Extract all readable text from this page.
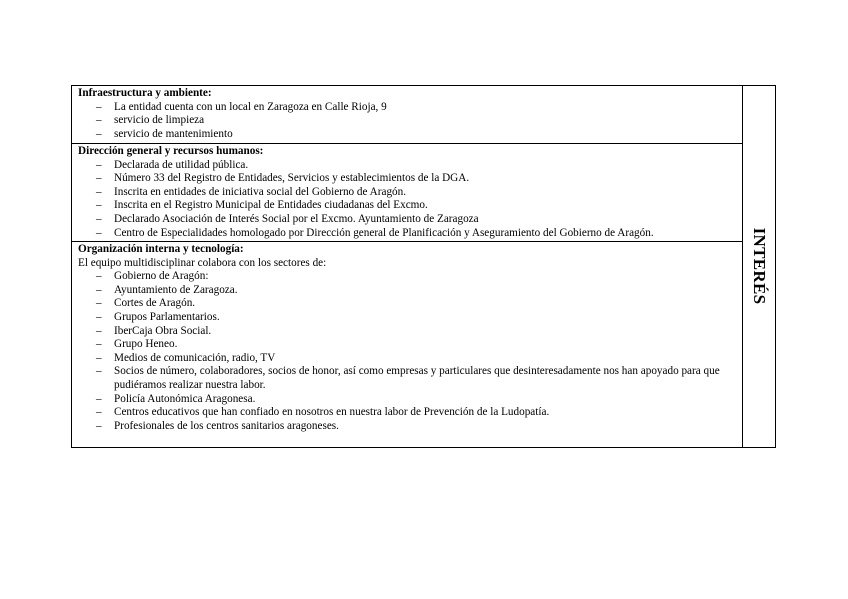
Infraestructura y ambiente:
– La entidad cuenta con un local en Zaragoza en Calle Rioja, 9
– servicio de limpieza
– servicio de mantenimiento
Dirección general y recursos humanos:
– Declarada de utilidad pública.
– Número 33 del Registro de Entidades, Servicios y establecimientos de la DGA.
– Inscrita en entidades de iniciativa social del Gobierno de Aragón.
– Inscrita en el Registro Municipal de Entidades ciudadanas del Excmo.
– Declarado Asociación de Interés Social por el Excmo. Ayuntamiento de Zaragoza
– Centro de Especialidades homologado por Dirección general de Planificación y Aseguramiento del Gobierno de Aragón.
Organización interna y tecnología:
El equipo multidisciplinar colabora con los sectores de:
– Gobierno de Aragón:
– Ayuntamiento de Zaragoza.
– Cortes de Aragón.
– Grupos Parlamentarios.
– IberCaja Obra Social.
– Grupo Heneo.
– Medios de comunicación, radio, TV
– Socios de número, colaboradores, socios de honor, así como empresas y particulares que desinteresadamente nos han apoyado para que pudiéramos realizar nuestra labor.
– Policía Autonómica Aragonesa.
– Centros educativos que han confiado en nosotros en nuestra labor de Prevención de la Ludopatía.
– Profesionales de los centros sanitarios aragoneses.
INTERÉS
